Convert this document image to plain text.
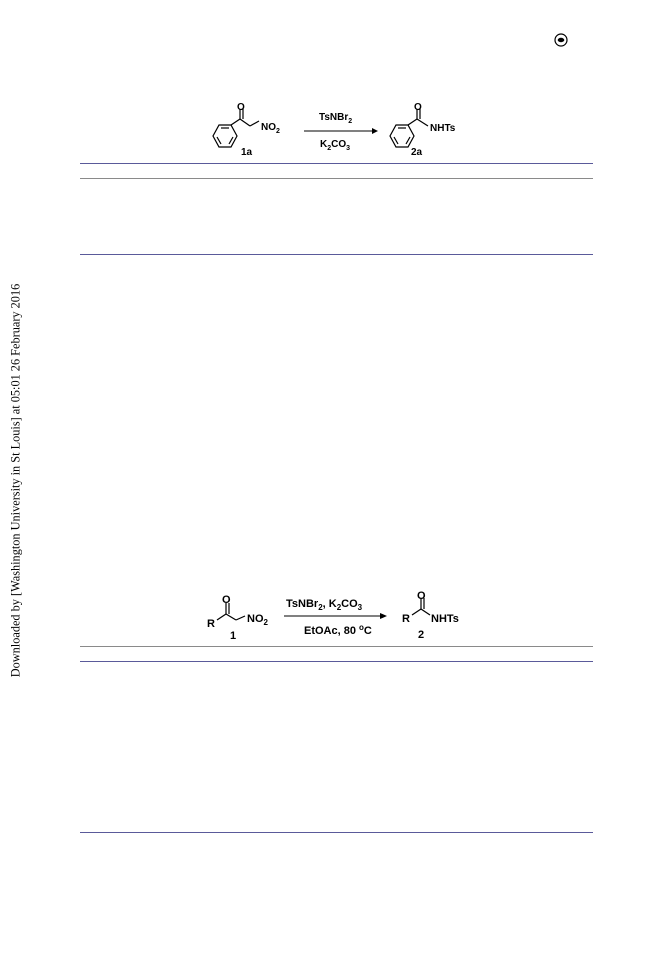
Downloaded by [Washington University in St Louis] at 05:01 26 February 2016
O
$NO_2$
1a
TsNBr$_2$
$K_2CO_3$
O
NHTs
2a
R
O
$NO_2$
1
TsNBr$_2$, $K_2CO_3$
EtOAc, 80 $^o$C
R
O
NHTs
2
